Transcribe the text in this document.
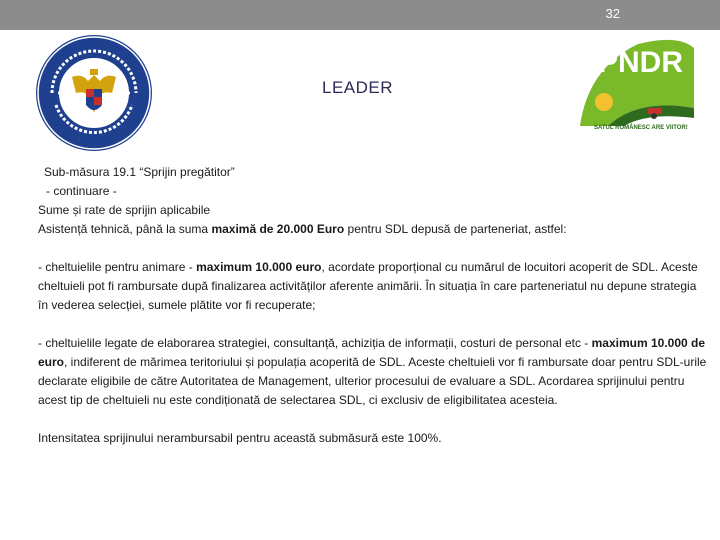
32
LEADER
PNDR
SATUL ROMÂNESC ARE VIITOR!

Sub-măsura 19.1 “Sprijin pregătitor”

- continuare -

Sume și rate de sprijin aplicabile

Asistență tehnică, până la suma maximă de 20.000 Euro pentru SDL depusă de parteneriat, astfel:

- cheltuielile pentru animare - maximum 10.000 euro, acordate proporțional cu numărul de locuitori acoperit de SDL. Aceste cheltuieli pot fi rambursate după finalizarea activităților aferente animării. În situația în care parteneriatul nu depune strategia în vederea selecției, sumele plătite vor fi recuperate;

- cheltuielile legate de elaborarea strategiei, consultanță, achiziția de informații, costuri de personal etc - maximum 10.000 de euro, indiferent de mărimea teritoriului și populația acoperită de SDL. Aceste cheltuieli vor fi rambursate doar pentru SDL-urile declarate eligibile de către Autoritatea de Management, ulterior procesului de evaluare a SDL. Acordarea sprijinului pentru acest tip de cheltuieli nu este condiționată de selectarea SDL, ci exclusiv de eligibilitatea acesteia.

Intensitatea sprijinului nerambursabil pentru această submăsură este 100%.
